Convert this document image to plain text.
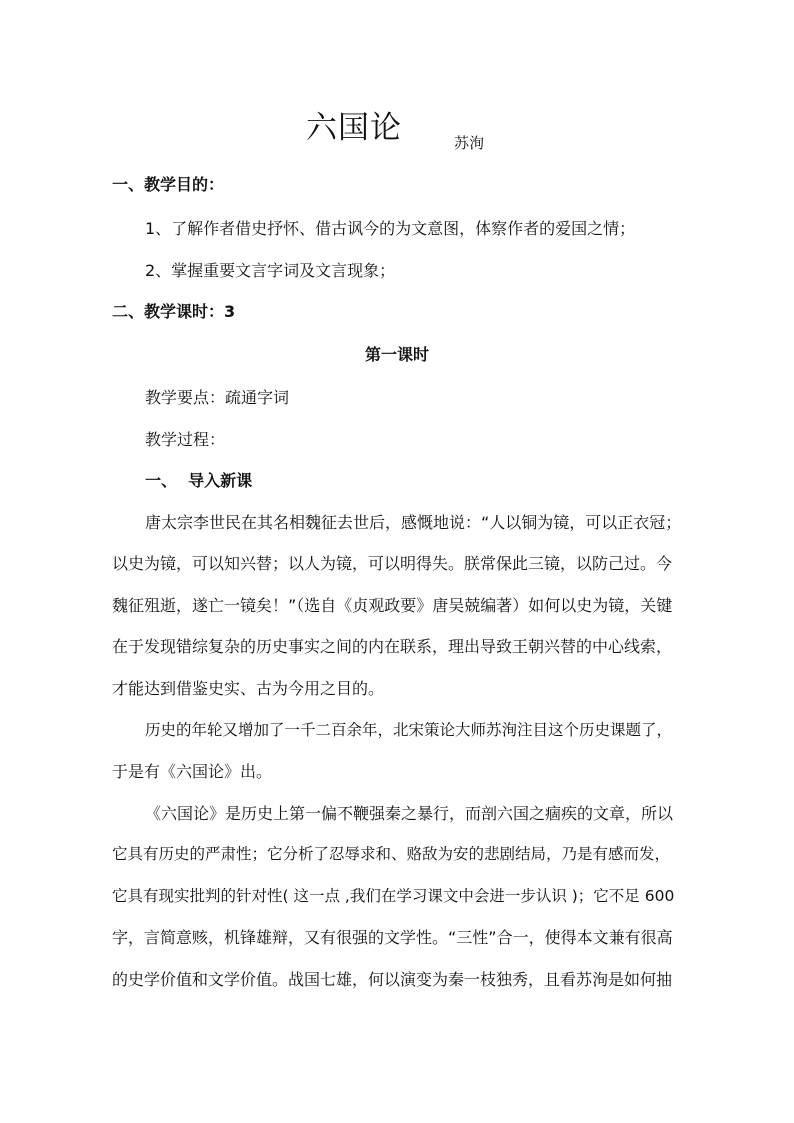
六国论	苏洵
一、教学目的：
1、了解作者借史抒怀、借古讽今的为文意图，体察作者的爱国之情；
2、掌握重要文言字词及文言现象；
二、教学课时：3
第一课时
教学要点：疏通字词
教学过程：
一、  导入新课
唐太宗李世民在其名相魏征去世后，感慨地说：“人以铜为镜，可以正衣冠；
以史为镜，可以知兴替；以人为镜，可以明得失。朕常保此三镜，以防己过。今
魏征殂逝，遂亡一镜矣！”（选自《贞观政要》唐吴兢编著）如何以史为镜，关键
在于发现错综复杂的历史事实之间的内在联系，理出导致王朝兴替的中心线索，
才能达到借鉴史实、古为今用之目的。
历史的年轮又增加了一千二百余年，北宋策论大师苏洵注目这个历史课题了，
于是有《六国论》出。
《六国论》是历史上第一偏不鞭强秦之暴行，而剖六国之痼疾的文章，所以
它具有历史的严肃性；它分析了忍辱求和、赂敌为安的悲剧结局，乃是有感而发，
它具有现实批判的针对性( 这一点 ,我们在学习课文中会进一步认识 )；它不足 600
字，言简意赅，机锋雄辩，又有很强的文学性。“三性”合一，使得本文兼有很高
的史学价值和文学价值。战国七雄，何以演变为秦一枝独秀，且看苏洵是如何抽
